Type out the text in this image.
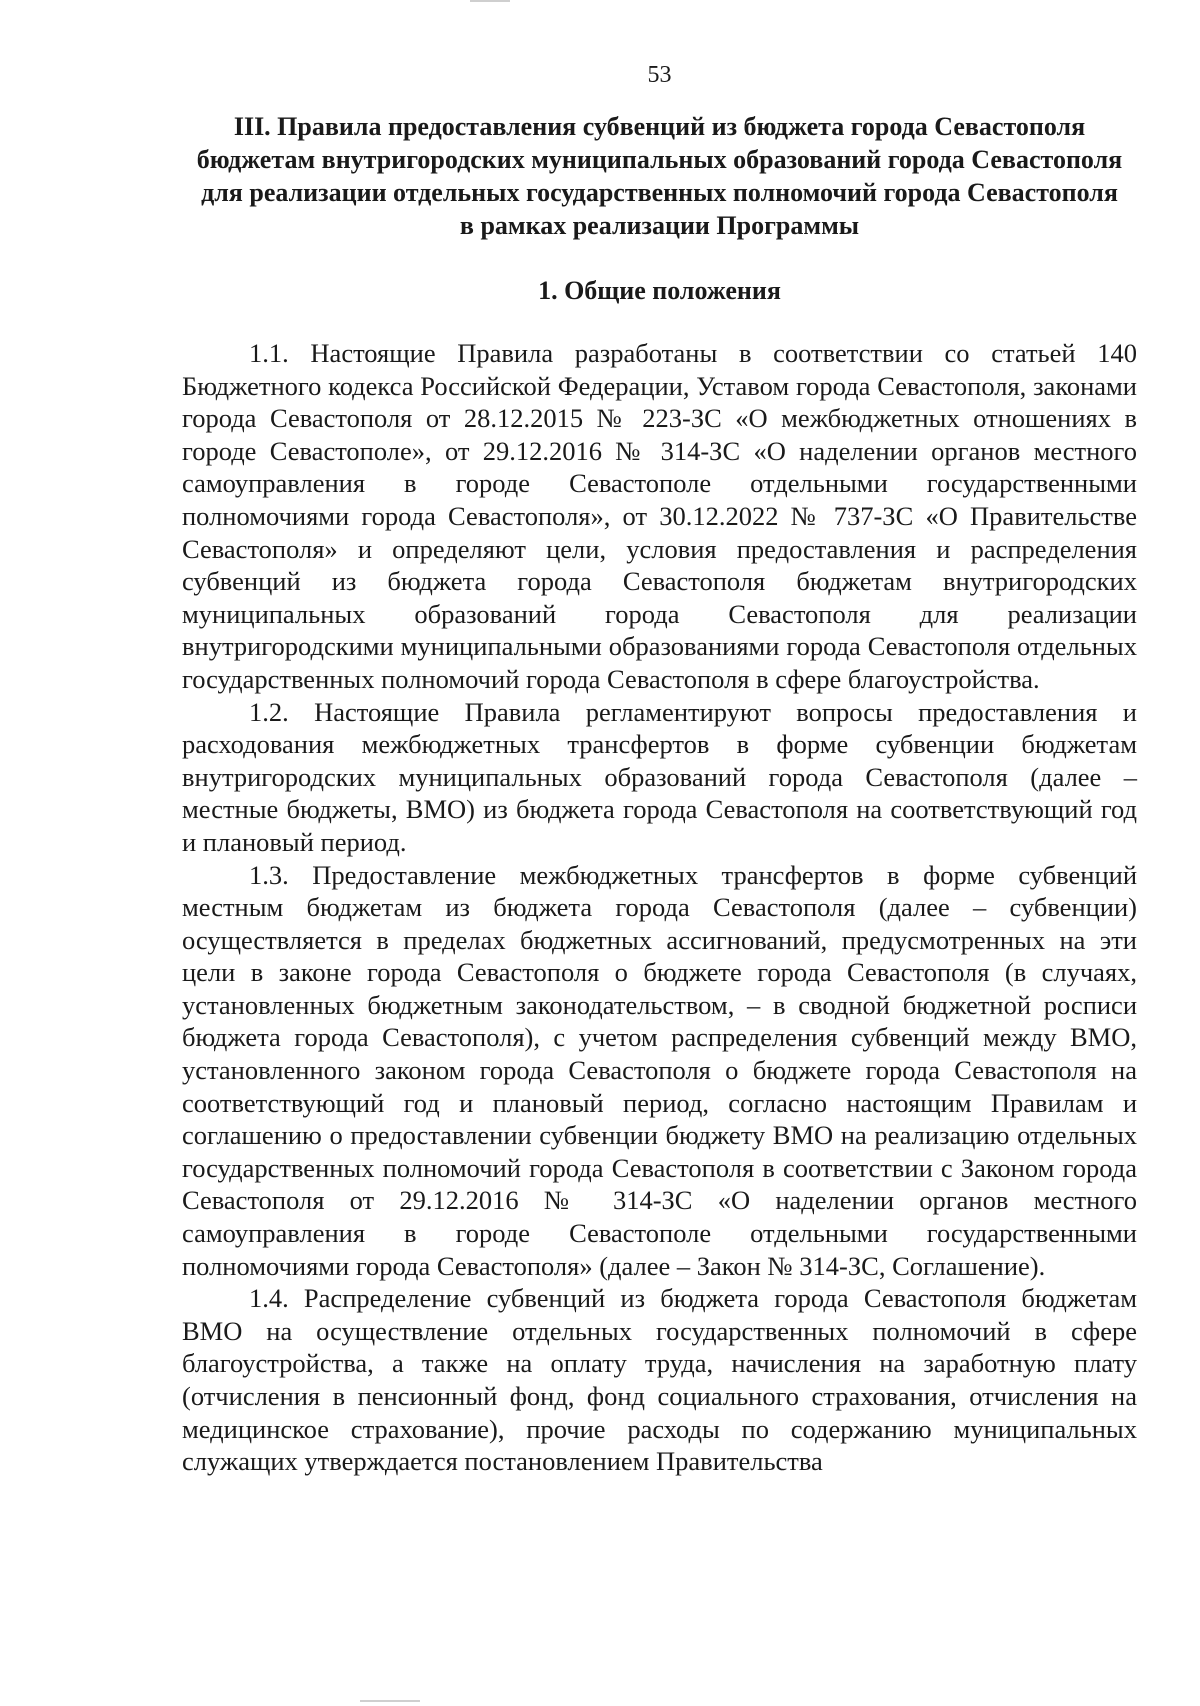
53
III. Правила предоставления субвенций из бюджета города Севастополя бюджетам внутригородских муниципальных образований города Севастополя для реализации отдельных государственных полномочий города Севастополя в рамках реализации Программы
1. Общие положения

1.1. Настоящие Правила разработаны в соответствии со статьей 140 Бюджетного кодекса Российской Федерации, Уставом города Севастополя, законами города Севастополя от 28.12.2015 № 223-ЗС «О межбюджетных отношениях в городе Севастополе», от 29.12.2016 № 314-ЗС «О наделении органов местного самоуправления в городе Севастополе отдельными государственными полномочиями города Севастополя», от 30.12.2022 № 737-ЗС «О Правительстве Севастополя» и определяют цели, условия предоставления и распределения субвенций из бюджета города Севастополя бюджетам внутригородских муниципальных образований города Севастополя для реализации внутригородскими муниципальными образованиями города Севастополя отдельных государственных полномочий города Севастополя в сфере благоустройства.

1.2. Настоящие Правила регламентируют вопросы предоставления и расходования межбюджетных трансфертов в форме субвенции бюджетам внутригородских муниципальных образований города Севастополя (далее – местные бюджеты, ВМО) из бюджета города Севастополя на соответствующий год и плановый период.

1.3. Предоставление межбюджетных трансфертов в форме субвенций местным бюджетам из бюджета города Севастополя (далее – субвенции) осуществляется в пределах бюджетных ассигнований, предусмотренных на эти цели в законе города Севастополя о бюджете города Севастополя (в случаях, установленных бюджетным законодательством, – в сводной бюджетной росписи бюджета города Севастополя), с учетом распределения субвенций между ВМО, установленного законом города Севастополя о бюджете города Севастополя на соответствующий год и плановый период, согласно настоящим Правилам и соглашению о предоставлении субвенции бюджету ВМО на реализацию отдельных государственных полномочий города Севастополя в соответствии с Законом города Севастополя от 29.12.2016 № 314-ЗС «О наделении органов местного самоуправления в городе Севастополе отдельными государственными полномочиями города Севастополя» (далее – Закон № 314-ЗС, Соглашение).

1.4. Распределение субвенций из бюджета города Севастополя бюджетам ВМО на осуществление отдельных государственных полномочий в сфере благоустройства, а также на оплату труда, начисления на заработную плату (отчисления в пенсионный фонд, фонд социального страхования, отчисления на медицинское страхование), прочие расходы по содержанию муниципальных служащих утверждается постановлением Правительства
